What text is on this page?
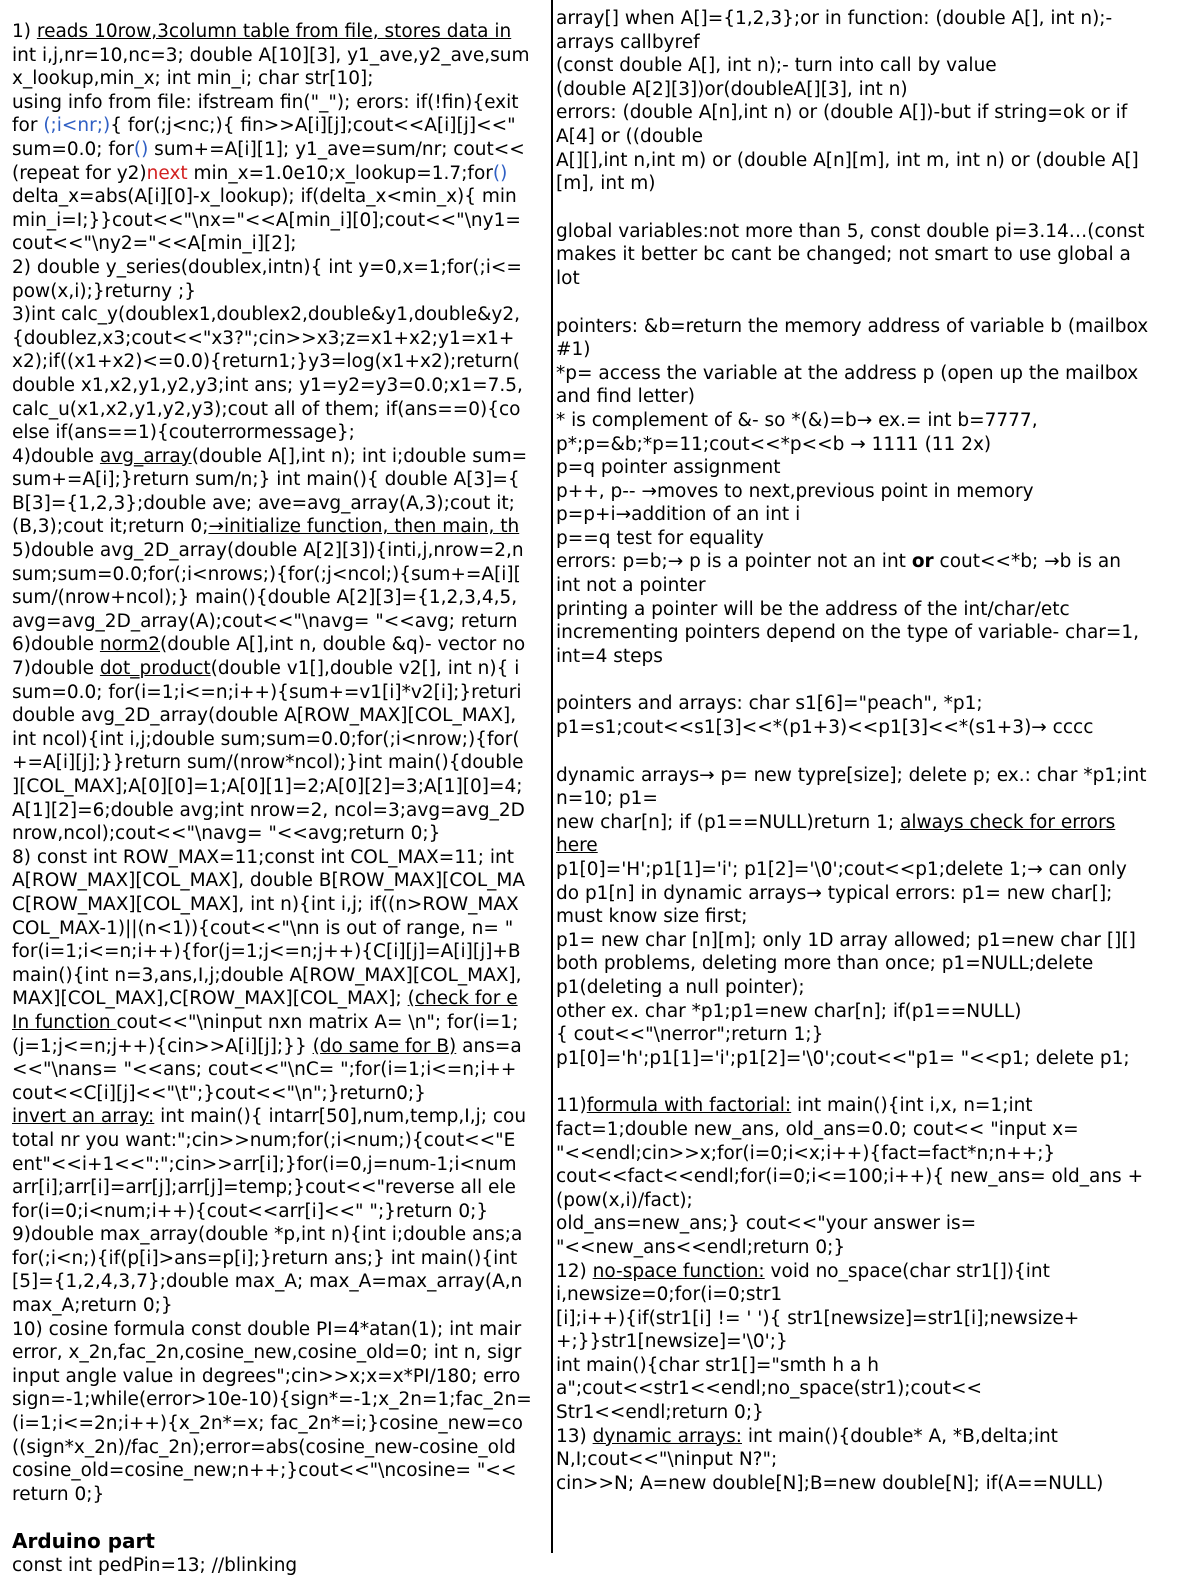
1) reads 10row,3column table from file, stores data in
int i,j,nr=10,nc=3; double A[10][3], y1_ave,y2_ave,sum
x_lookup,min_x; int min_i; char str[10];
using info from file: ifstream fin("_"); erors: if(!fin){exit
for (;i<nr;){ for(;j<nc;){ fin>>A[i][j];cout<<A[i][j]<<"
sum=0.0; for() sum+=A[i][1]; y1_ave=sum/nr; cout<<
(repeat for y2)next min_x=1.0e10;x_lookup=1.7;for()
delta_x=abs(A[i][0]-x_lookup); if(delta_x<min_x){ min
min_i=I;}}cout<<"\nx="<<A[min_i][0];cout<<"\ny1=
cout<<"\ny2="<<A[min_i][2];
2) double y_series(doublex,intn){ int y=0,x=1;for(;i<=
pow(x,i);}returny ;}
3)int calc_y(doublex1,doublex2,double&y1,double&y2,
{doublez,x3;cout<<"x3?";cin>>x3;z=x1+x2;y1=x1+
x2);if((x1+x2)<=0.0){return1;}y3=log(x1+x2);return(
double x1,x2,y1,y2,y3;int ans; y1=y2=y3=0.0;x1=7.5,
calc_u(x1,x2,y1,y2,y3);cout all of them; if(ans==0){co
else if(ans==1){couterrormessage};
4)double avg_array(double A[],int n); int i;double sum=
sum+=A[i];}return sum/n;} int main(){ double A[3]={
B[3]={1,2,3};double ave; ave=avg_array(A,3);cout it;
(B,3);cout it;return 0;→initialize function, then main, th
5)double avg_2D_array(double A[2][3]){inti,j,nrow=2,n
sum;sum=0.0;for(;i<nrows;){for(;j<ncol;){sum+=A[i][
sum/(nrow+ncol);} main(){double A[2][3]={1,2,3,4,5,
avg=avg_2D_array(A);cout<<"\navg= "<<avg; return
6)double norm2(double A[],int n, double &q)- vector no
7)double dot_product(double v1[],double v2[], int n){ i
sum=0.0; for(i=1;i<=n;i++){sum+=v1[i]*v2[i];}returi
double avg_2D_array(double A[ROW_MAX][COL_MAX],
int ncol){int i,j;double sum;sum=0.0;for(;i<nrow;){for(
+=A[i][j];}}return sum/(nrow*ncol);}int main(){double
][COL_MAX];A[0][0]=1;A[0][1]=2;A[0][2]=3;A[1][0]=4;
A[1][2]=6;double avg;int nrow=2, ncol=3;avg=avg_2D
nrow,ncol);cout<<"\navg= "<<avg;return 0;}
8) const int ROW_MAX=11;const int COL_MAX=11; int
A[ROW_MAX][COL_MAX], double B[ROW_MAX][COL_MA
C[ROW_MAX][COL_MAX], int n){int i,j; if((n>ROW_MAX
COL_MAX-1)||(n<1)){cout<<"\nn is out of range, n= "
for(i=1;i<=n;i++){for(j=1;j<=n;j++){C[i][j]=A[i][j]+B
main(){int n=3,ans,I,j;double A[ROW_MAX][COL_MAX],
MAX][COL_MAX],C[ROW_MAX][COL_MAX]; (check for e
In function cout<<"\ninput nxn matrix A= \n"; for(i=1;
(j=1;j<=n;j++){cin>>A[i][j];}} (do same for B) ans=a
<<"\nans= "<<ans; cout<<"\nC= ";for(i=1;i<=n;i++
cout<<C[i][j]<<"\t";}cout<<"\n";}return0;}
invert an array: int main(){ intarr[50],num,temp,I,j; cou
total nr you want:";cin>>num;for(;i<num;){cout<<"E
ent"<<i+1<<":";cin>>arr[i];}for(i=0,j=num-1;i<num
arr[i];arr[i]=arr[j];arr[j]=temp;}cout<<"reverse all ele
for(i=0;i<num;i++){cout<<arr[i]<<" ";}return 0;}
9)double max_array(double *p,int n){int i;double ans;a
for(;i<n;){if(p[i]>ans=p[i];}return ans;} int main(){int
[5]={1,2,4,3,7};double max_A; max_A=max_array(A,n
max_A;return 0;}
10) cosine formula const double PI=4*atan(1); int mair
error, x_2n,fac_2n,cosine_new,cosine_old=0; int n, sigr
input angle value in degrees";cin>>x;x=x*PI/180; erro
sign=-1;while(error>10e-10){sign*=-1;x_2n=1;fac_2n=
(i=1;i<=2n;i++){x_2n*=x; fac_2n*=i;}cosine_new=co
((sign*x_2n)/fac_2n);error=abs(cosine_new-cosine_old
cosine_old=cosine_new;n++;}cout<<"\ncosine= "<<
return 0;}
Arduino part
const int pedPin=13; //blinking
array[] when A[]={1,2,3};or in function: (double A[], int n);-
arrays callbyref
(const double A[], int n);- turn into call by value
(double A[2][3])or(doubleA[][3], int n)
errors: (double A[n],int n) or (double A[])-but if string=ok or if
A[4] or ((double
A[][],int n,int m) or (double A[n][m], int m, int n) or (double A[]
[m], int m)
global variables:not more than 5, const double pi=3.14…(const
makes it better bc cant be changed; not smart to use global a
lot
pointers: &b=return the memory address of variable b (mailbox
#1)
*p= access the variable at the address p (open up the mailbox
and find letter)
* is complement of &- so *(&)=b→ ex.= int b=7777,
p*;p=&b;*p=11;cout<<*p<<b → 1111 (11 2x)
p=q pointer assignment
p++, p-- →moves to next,previous point in memory
p=p+i→addition of an int i
p==q test for equality
errors: p=b;→ p is a pointer not an int or cout<<*b; →b is an
int not a pointer
printing a pointer will be the address of the int/char/etc
incrementing pointers depend on the type of variable- char=1,
int=4 steps
pointers and arrays: char s1[6]="peach", *p1;
p1=s1;cout<<s1[3]<<*(p1+3)<<p1[3]<<*(s1+3)→ cccc
dynamic arrays→ p= new typre[size]; delete p; ex.: char *p1;int
n=10; p1=
new char[n]; if (p1==NULL)return 1; always check for errors
here
p1[0]='H';p1[1]='i'; p1[2]='\0';cout<<p1;delete 1;→ can only
do p1[n] in dynamic arrays→ typical errors: p1= new char[];
must know size first;
p1= new char [n][m]; only 1D array allowed; p1=new char [][]
both problems, deleting more than once; p1=NULL;delete
p1(deleting a null pointer);
other ex. char *p1;p1=new char[n]; if(p1==NULL)
{ cout<<"\nerror";return 1;}
p1[0]='h';p1[1]='i';p1[2]='\0';cout<<"p1= "<<p1; delete p1;
11)formula with factorial: int main(){int i,x, n=1;int
fact=1;double new_ans, old_ans=0.0; cout<< "input x=
"<<endl;cin>>x;for(i=0;i<x;i++){fact=fact*n;n++;}
cout<<fact<<endl;for(i=0;i<=100;i++){ new_ans= old_ans +
(pow(x,i)/fact);
old_ans=new_ans;} cout<<"your answer is=
"<<new_ans<<endl;return 0;}
12) no-space function: void no_space(char str1[]){int
i,newsize=0;for(i=0;str1
[i];i++){if(str1[i] != ' '){ str1[newsize]=str1[i];newsize+
+;}}str1[newsize]='\0';}
int main(){char str1[]="smth h a h
a";cout<<str1<<endl;no_space(str1);cout<<
Str1<<endl;return 0;}
13) dynamic arrays: int main(){double* A, *B,delta;int
N,I;cout<<"\ninput N?";
cin>>N; A=new double[N];B=new double[N]; if(A==NULL)
